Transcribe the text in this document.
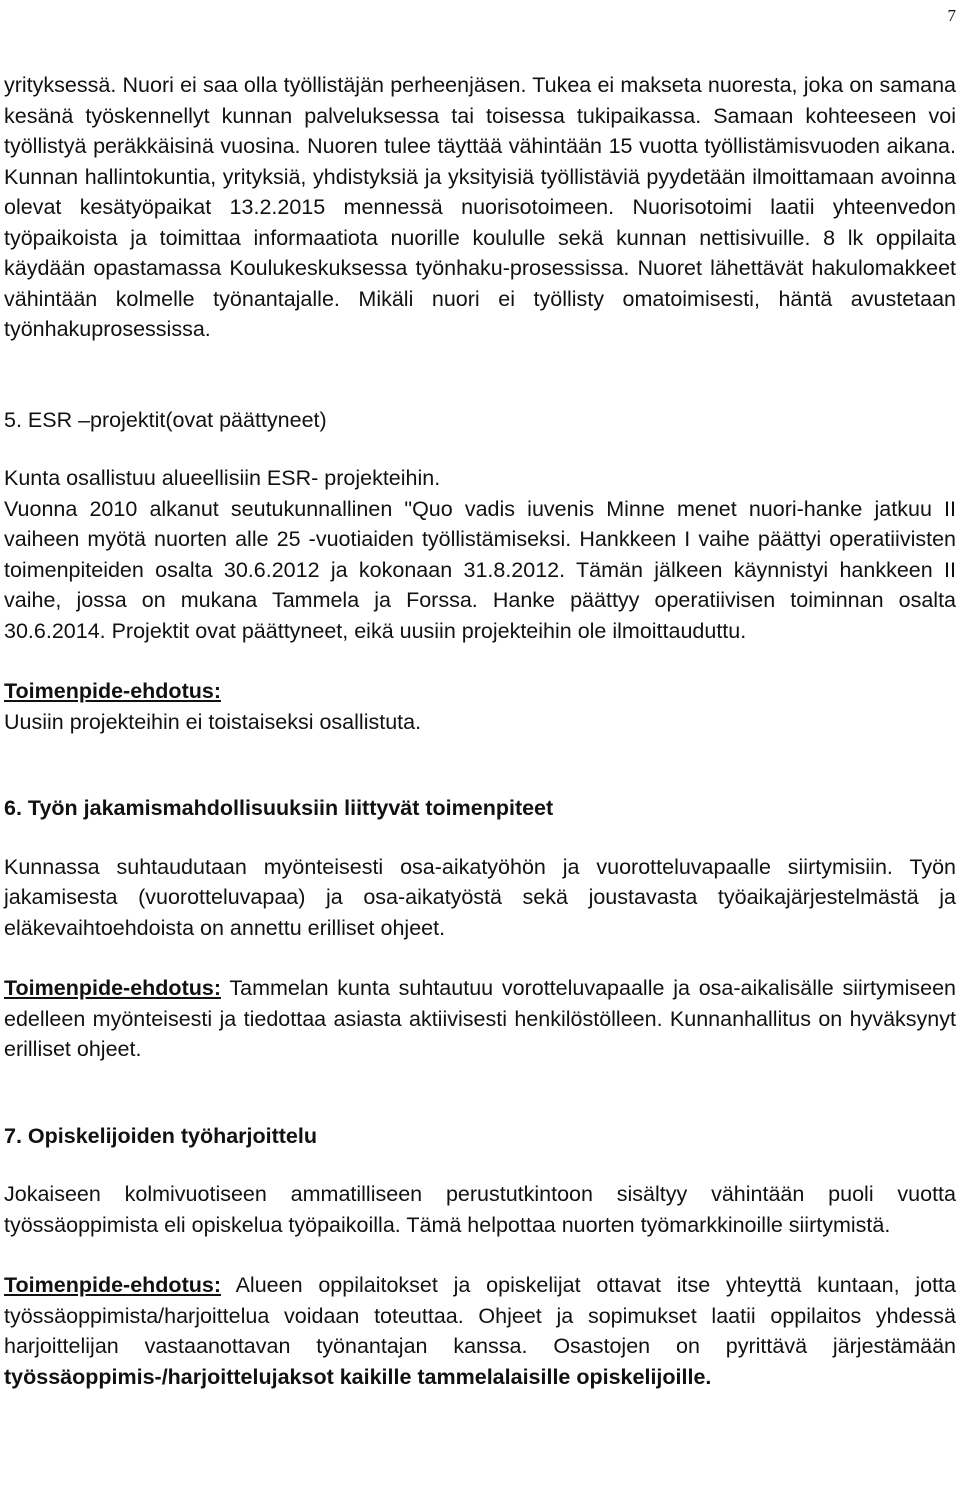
7

yrityksessä. Nuori ei saa olla työllistäjän perheenjäsen. Tukea ei makseta nuoresta, joka on samana kesänä työskennellyt kunnan palveluksessa tai toisessa tukipaikassa. Samaan kohteeseen voi työllistyä peräkkäisinä vuosina. Nuoren tulee täyttää vähintään 15 vuotta työllistämisvuoden aikana. Kunnan hallintokuntia, yrityksiä, yhdistyksiä ja yksityisiä työllistäviä pyydetään ilmoittamaan avoinna olevat kesätyöpaikat 13.2.2015 mennessä nuorisotoimeen. Nuorisotoimi laatii yhteenvedon työpaikoista ja toimittaa informaatiota nuorille koululle sekä kunnan nettisivuille. 8 lk oppilaita käydään opastamassa Koulukeskuksessa työnhaku-prosessissa. Nuoret lähettävät hakulomakkeet vähintään kolmelle työnantajalle. Mikäli nuori ei työllisty omatoimisesti, häntä avustetaan työnhakuprosessissa.

5. ESR –projektit(ovat päättyneet)

Kunta osallistuu alueellisiin ESR- projekteihin.

Vuonna 2010 alkanut seutukunnallinen "Quo vadis iuvenis Minne menet nuori-hanke jatkuu II vaiheen myötä nuorten alle 25 -vuotiaiden työllistämiseksi. Hankkeen I vaihe päättyi operatiivisten toimenpiteiden osalta 30.6.2012 ja kokonaan 31.8.2012. Tämän jälkeen käynnistyi hankkeen II vaihe, jossa on mukana Tammela ja Forssa. Hanke päättyy operatiivisen toiminnan osalta 30.6.2014. Projektit ovat päättyneet, eikä uusiin projekteihin ole ilmoittauduttu.

Toimenpide-ehdotus:
Uusiin projekteihin ei toistaiseksi osallistuta.

6. Työn jakamismahdollisuuksiin liittyvät toimenpiteet

Kunnassa suhtaudutaan myönteisesti osa-aikatyöhön ja vuorotteluvapaalle siirtymisiin. Työn jakamisesta (vuorotteluvapaa) ja osa-aikatyöstä sekä joustavasta työaikajärjestelmästä ja eläkevaihtoehdoista on annettu erilliset ohjeet.

Toimenpide-ehdotus: Tammelan kunta suhtautuu vorotteluvapaalle ja osa-aikalisälle siirtymiseen edelleen myönteisesti ja tiedottaa asiasta aktiivisesti henkilöstölleen. Kunnanhallitus on hyväksynyt erilliset ohjeet.

7. Opiskelijoiden työharjoittelu

Jokaiseen kolmivuotiseen ammatilliseen perustutkintoon sisältyy vähintään puoli vuotta työssäoppimista eli opiskelua työpaikoilla. Tämä helpottaa nuorten työmarkkinoille siirtymistä.

Toimenpide-ehdotus: Alueen oppilaitokset ja opiskelijat ottavat itse yhteyttä kuntaan, jotta työssäoppimista/harjoittelua voidaan toteuttaa. Ohjeet ja sopimukset laatii oppilaitos yhdessä harjoittelijan vastaanottavan työnantajan kanssa. Osastojen on pyrittävä järjestämään työssäoppimis-/harjoittelujaksot kaikille tammelalaisille opiskelijoille.
